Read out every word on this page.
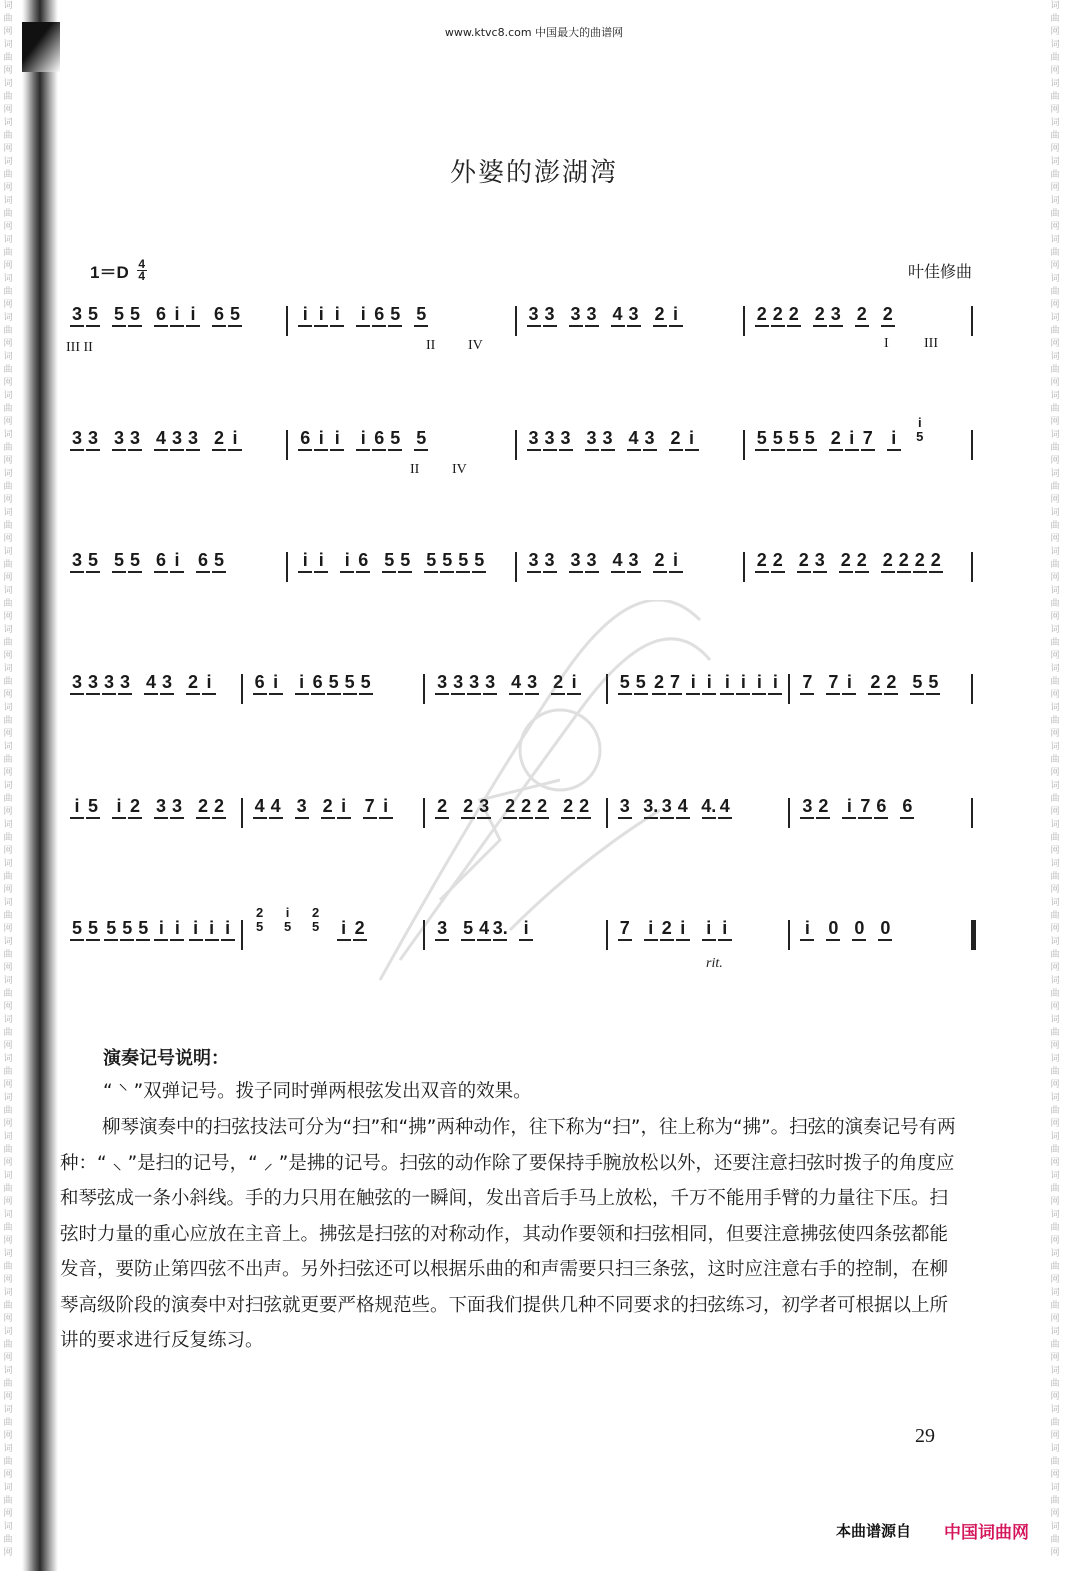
词曲网词曲网词曲网词曲网词曲网词曲网词曲网词曲网词曲网词曲网词曲网词曲网词曲网词曲网词曲网词曲网词曲网词曲网词曲网词曲网词曲网词曲网词曲网词曲网词曲网词曲网词曲网词曲网词曲网词曲网词曲网词曲网词曲网词曲网词曲网词曲网词曲网词曲网词曲网词曲网
词曲网词曲网词曲网词曲网词曲网词曲网词曲网词曲网词曲网词曲网词曲网词曲网词曲网词曲网词曲网词曲网词曲网词曲网词曲网词曲网词曲网词曲网词曲网词曲网词曲网词曲网词曲网词曲网词曲网词曲网词曲网词曲网词曲网词曲网词曲网词曲网词曲网词曲网词曲网词曲网
www.ktvc8.com 中国最大的曲谱网
外婆的澎湖湾
1＝D 4
4	叶佳修曲
3 5 5 5 6 i i 6 5	i i i i 6 5 5	3 3 3 3 4 3 2 i	2 2 2 2 3 2 2
III II	II IV	I	III
3 3 3 3 4 3 3 2 i	6 i i i 6 5 5	3 3 3 3 3 4 3 2 i	5 5 5 5 2 i 7 i
i
5
II IV
3 5 5 5 6 i 6 5	i i i 6 5 5 5 5 5 5 3 3 3 3 4 3 2 i	2 2 2 3 2 2 2 2 2 2
3 3 3 3 4 3 2 i 6 i i 6 5 5 5	3 3 3 3 4 3 2 i 5 5 2 7 i i i i i i 7 7 i 2 2 5 5
i 5 i 2 3 3 2 2 4 4 3 2 i 7 i	2 2 3 2 2 2 2 2 3 3. 3 4 4. 4	3 2 i 7 6 6
5 5 5 5 5 i i i i i
2
5
i
5
2
5 i 2	3 5 4 3. i	7 i 2 i i i	i 0 0 0
rit.
演奏记号说明：
“ ⸌ ”双弹记号。拨子同时弹两根弦发出双音的效果。
柳琴演奏中的扫弦技法可分为“扫”和“拂”两种动作，往下称为“扫”，往上称为“拂”。扫弦的演奏记号有两种：“ ⸜ ”是扫的记号，“ ⸝ ”是拂的记号。扫弦的动作除了要保持手腕放松以外，还要注意扫弦时拨子的角度应和琴弦成一条小斜线。手的力只用在触弦的一瞬间，发出音后手马上放松，千万不能用手臂的力量往下压。扫弦时力量的重心应放在主音上。拂弦是扫弦的对称动作，其动作要领和扫弦相同，但要注意拂弦使四条弦都能发音，要防止第四弦不出声。另外扫弦还可以根据乐曲的和声需要只扫三条弦，这时应注意右手的控制，在柳琴高级阶段的演奏中对扫弦就更要严格规范些。下面我们提供几种不同要求的扫弦练习，初学者可根据以上所讲的要求进行反复练习。
29
本曲谱源自 中国词曲网
